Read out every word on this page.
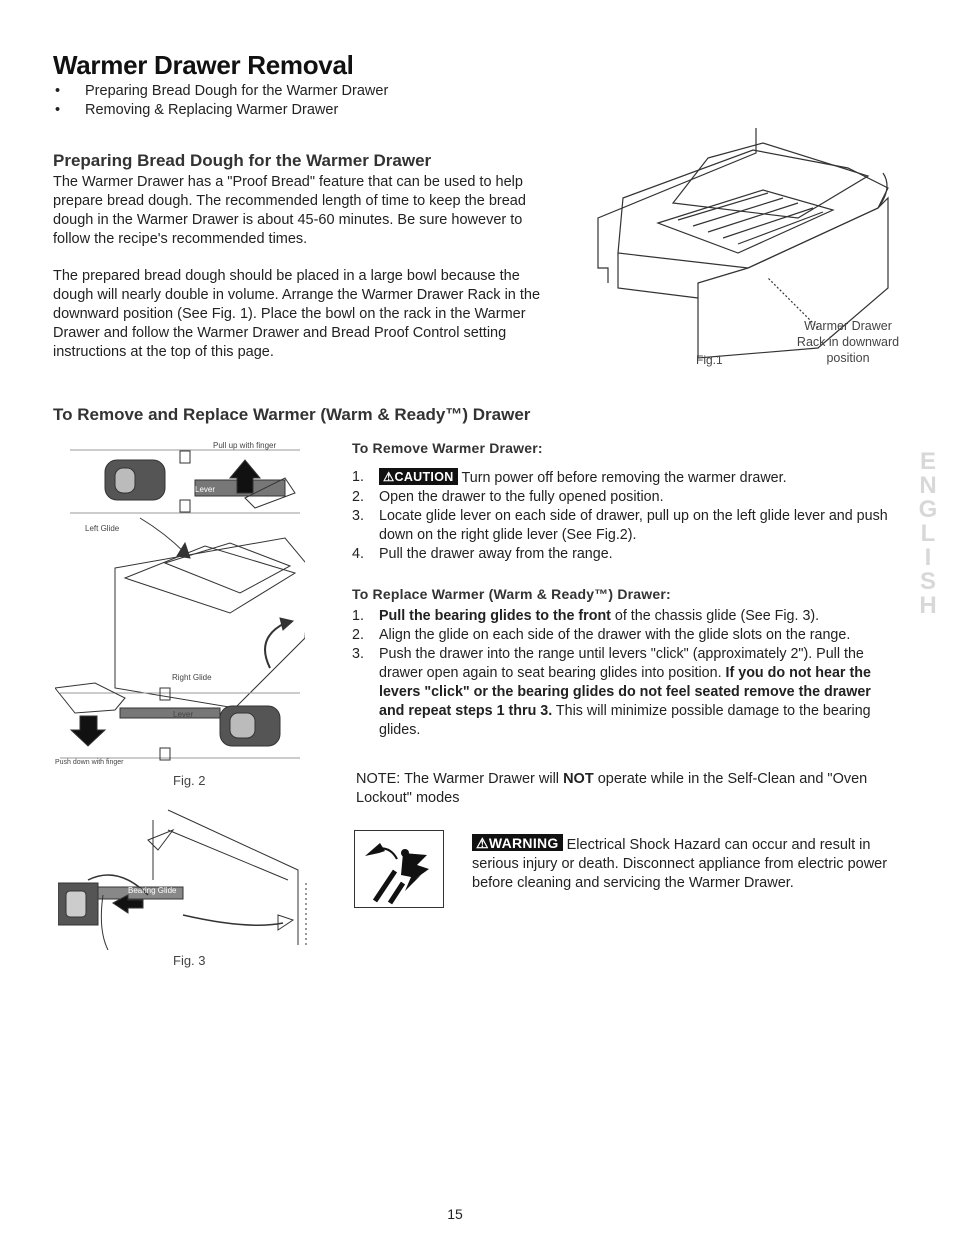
Warmer Drawer Removal
• Preparing Bread Dough for the Warmer Drawer
• Removing & Replacing Warmer Drawer
Preparing Bread Dough for the Warmer Drawer

The Warmer Drawer has a "Proof Bread" feature that can be used to help prepare bread dough. The recommended length of time to keep the bread dough in the Warmer Drawer is about 45-60 minutes. Be sure however to follow the recipe's recommended times.

The prepared bread dough should be placed in a large bowl because the dough will nearly double in volume. Arrange the Warmer Drawer Rack in the downward position (See Fig. 1). Place the bowl on the rack in the Warmer Drawer and follow the Warmer Drawer and Bread Proof Control setting instructions at the top of this page.

Warmer Drawer
Rack in downward
position
Fig.1
To Remove and Replace Warmer (Warm & Ready™) Drawer
Pull up with finger
Lever
Left Glide
Right Glide
Lever
Push down with finger
Fig. 2
Bearing Glide
Fig. 3
To Remove Warmer Drawer:
1. ⚠CAUTION Turn power off before removing the warmer drawer.
2. Open the drawer to the fully opened position.
3. Locate glide lever on each side of drawer, pull up on the left glide lever and push down on the right glide lever (See Fig.2).
4. Pull the drawer away from the range.
To Replace Warmer (Warm & Ready™) Drawer:
1. Pull the bearing glides to the front of the chassis glide (See Fig. 3).
2. Align the glide on each side of the drawer with the glide slots on the range.
3. Push the drawer into the range until levers "click" (approximately 2"). Pull the drawer open again to seat bearing glides into position. If you do not hear the levers "click" or the bearing glides do not feel seated remove the drawer and repeat steps 1 thru 3. This will minimize possible damage to the bearing glides.

NOTE: The Warmer Drawer will NOT operate while in the Self-Clean and "Oven Lockout" modes

⚠WARNING Electrical Shock Hazard can occur and result in serious injury or death. Disconnect appliance from electric power before cleaning and servicing the Warmer Drawer.

ENGLISH
15
